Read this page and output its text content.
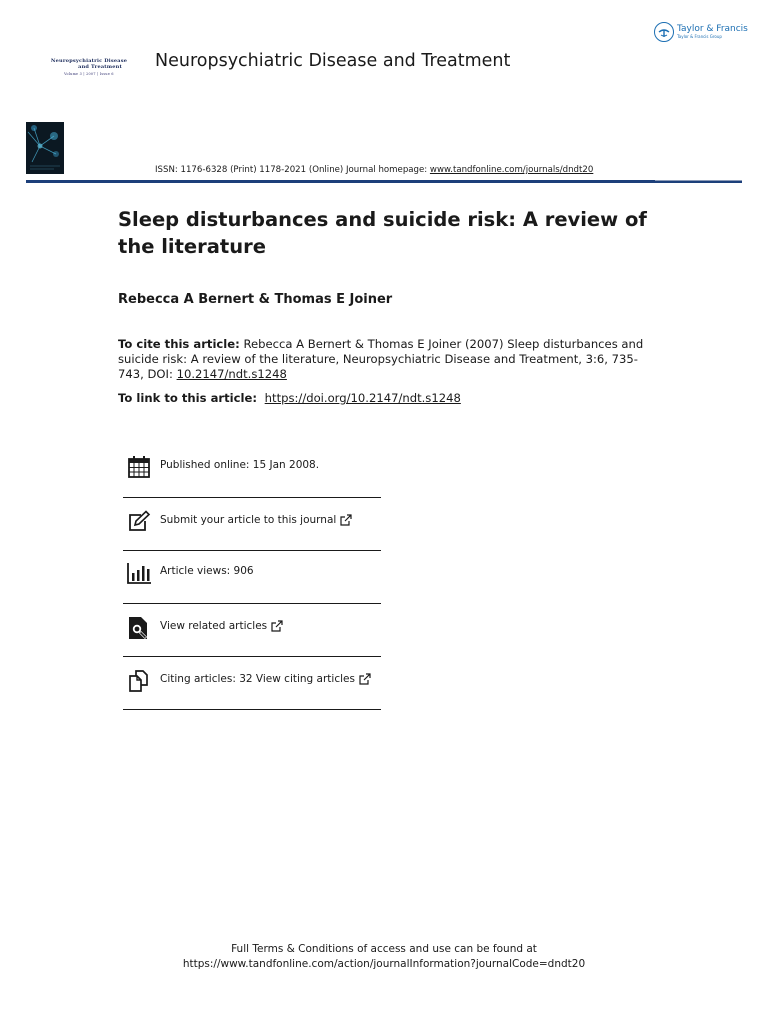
Taylor & Francis
Taylor & Francis Group
Neuropsychiatric Disease
and Treatment
Volume 3 | 2007 | Issue 6
Neuropsychiatric Disease and Treatment
ISSN: 1176-6328 (Print) 1178-2021 (Online) Journal homepage: www.tandfonline.com/journals/dndt20
Sleep disturbances and suicide risk: A review of the literature
Rebecca A Bernert & Thomas E Joiner
To cite this article: Rebecca A Bernert & Thomas E Joiner (2007) Sleep disturbances and suicide risk: A review of the literature, Neuropsychiatric Disease and Treatment, 3:6, 735-743, DOI: 10.2147/ndt.s1248
To link to this article: https://doi.org/10.2147/ndt.s1248
Published online: 15 Jan 2008.
Submit your article to this journal
Article views: 906
View related articles
Citing articles: 32 View citing articles
Full Terms & Conditions of access and use can be found at
https://www.tandfonline.com/action/journalInformation?journalCode=dndt20
